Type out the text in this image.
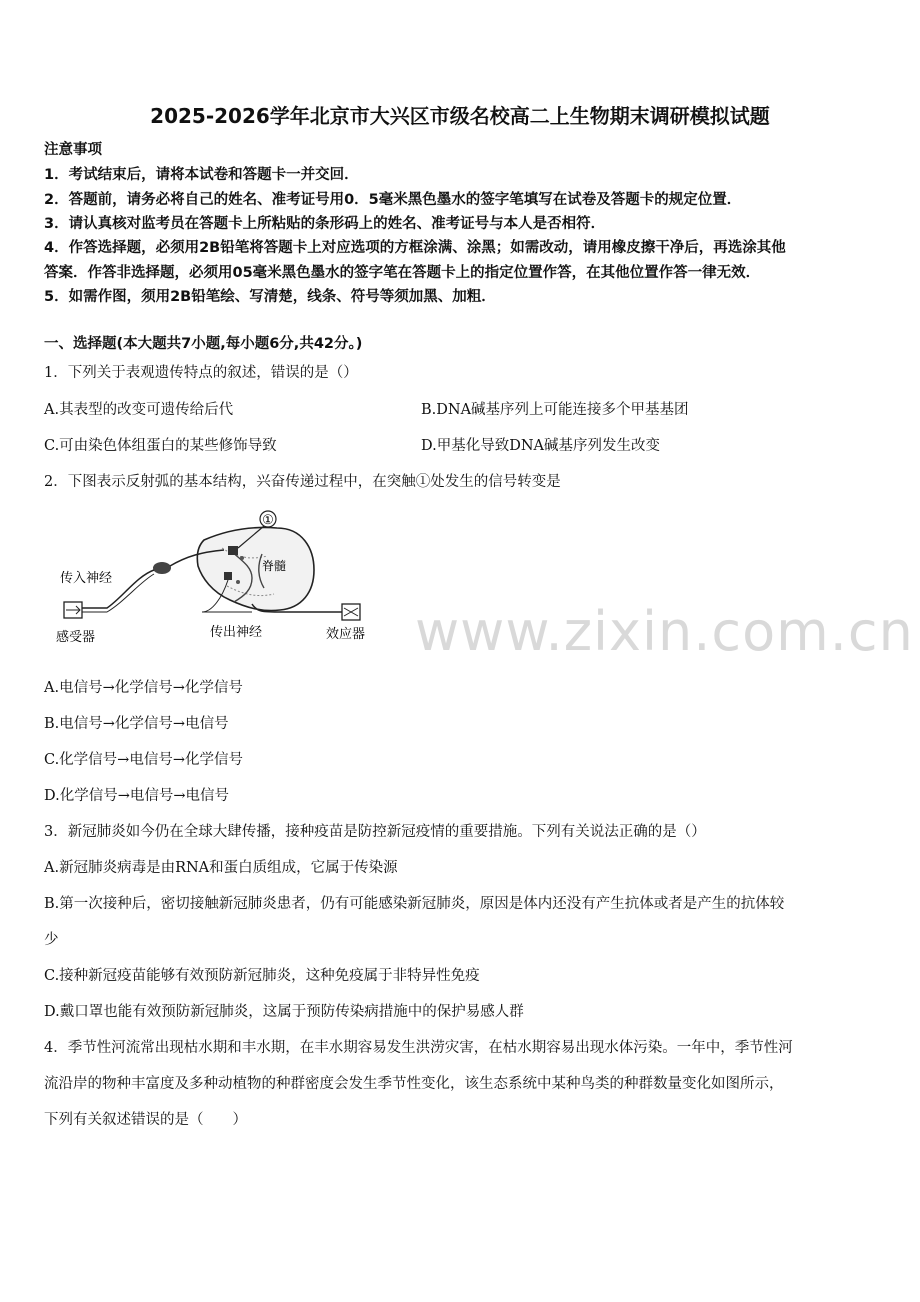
2025-2026学年北京市大兴区市级名校高二上生物期末调研模拟试题
注意事项
1．考试结束后，请将本试卷和答题卡一并交回．
2．答题前，请务必将自己的姓名、准考证号用0．5毫米黑色墨水的签字笔填写在试卷及答题卡的规定位置．
3．请认真核对监考员在答题卡上所粘贴的条形码上的姓名、准考证号与本人是否相符．
4．作答选择题，必须用2B铅笔将答题卡上对应选项的方框涂满、涂黑；如需改动，请用橡皮擦干净后，再选涂其他
答案．作答非选择题，必须用05毫米黑色墨水的签字笔在答题卡上的指定位置作答，在其他位置作答一律无效．
5．如需作图，须用2B铅笔绘、写清楚，线条、符号等须加黑、加粗．
一、选择题(本大题共7小题,每小题6分,共42分。)
1．下列关于表观遗传特点的叙述，错误的是（）
A.其表型的改变可遗传给后代	B.DNA碱基序列上可能连接多个甲基基团
C.可由染色体组蛋白的某些修饰导致	D.甲基化导致DNA碱基序列发生改变
2．下图表示反射弧的基本结构，兴奋传递过程中，在突触①处发生的信号转变是
①
脊髓
传入神经
感受器	传出神经	效应器 www.zixin.com.cn
A.电信号→化学信号→化学信号
B.电信号→化学信号→电信号
C.化学信号→电信号→化学信号
D.化学信号→电信号→电信号
3．新冠肺炎如今仍在全球大肆传播，接种疫苗是防控新冠疫情的重要措施。下列有关说法正确的是（）
A.新冠肺炎病毒是由RNA和蛋白质组成，它属于传染源
B.第一次接种后，密切接触新冠肺炎患者，仍有可能感染新冠肺炎，原因是体内还没有产生抗体或者是产生的抗体较
少
C.接种新冠疫苗能够有效预防新冠肺炎，这种免疫属于非特异性免疫
D.戴口罩也能有效预防新冠肺炎，这属于预防传染病措施中的保护易感人群
4．季节性河流常出现枯水期和丰水期，在丰水期容易发生洪涝灾害，在枯水期容易出现水体污染。一年中，季节性河
流沿岸的物种丰富度及多种动植物的种群密度会发生季节性变化，该生态系统中某种鸟类的种群数量变化如图所示，
下列有关叙述错误的是（　　）
